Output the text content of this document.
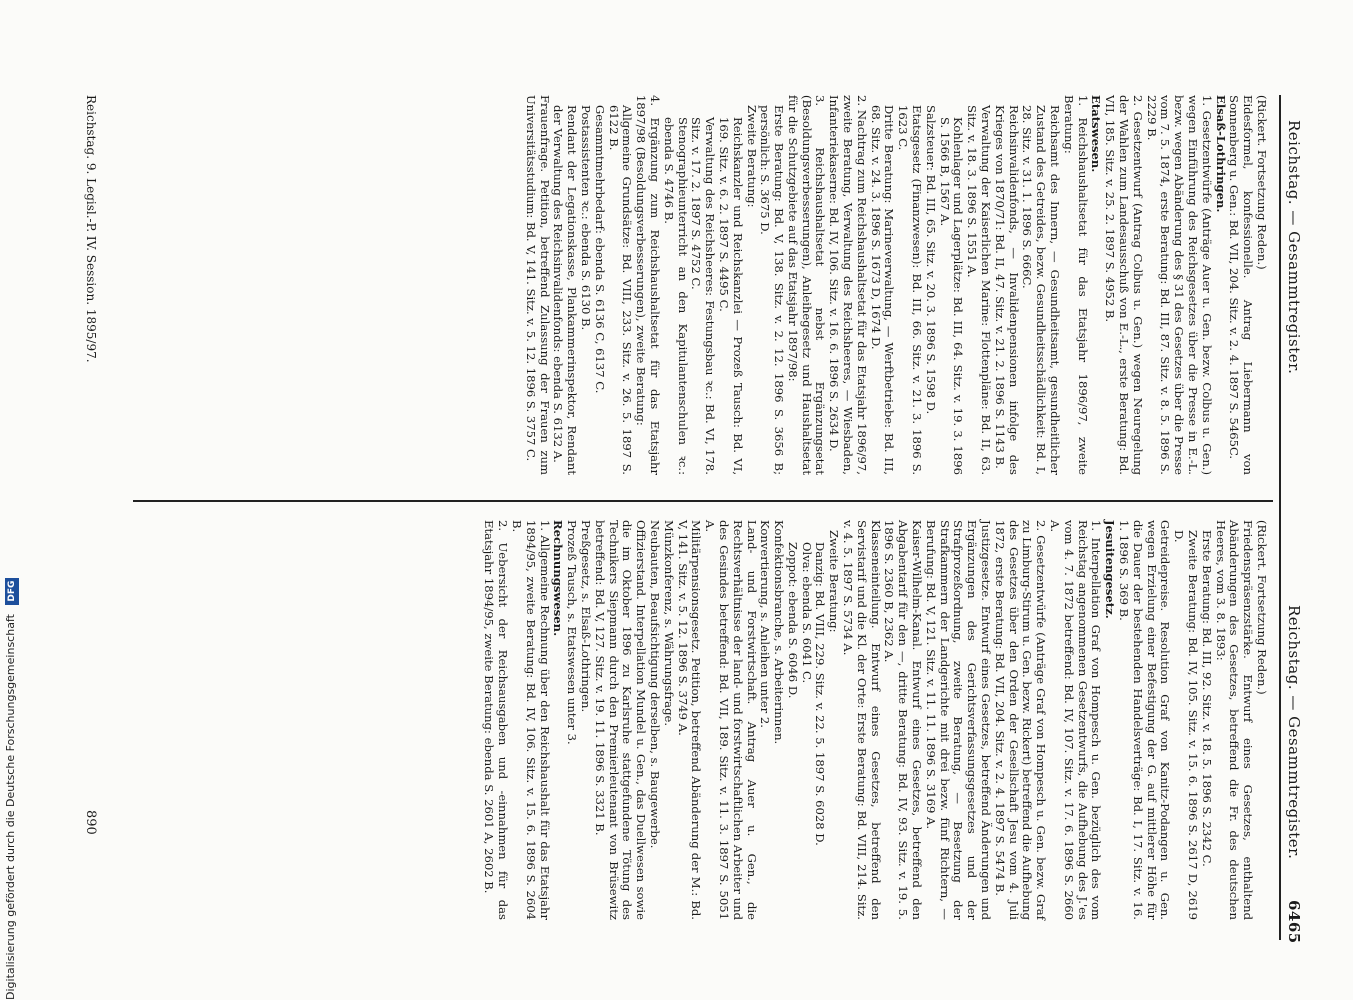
Reichstag. — Gesammtregister.
Reichstag. — Gesammtregister.
6465

(Rickert. Fortsetzung Reden.)

Eidesformel, konfessionelle. Antrag Liebermann von Sonnenberg u. Gen.: Bd. VII, 204. Sitz. v. 2. 4. 1897 S. 5465C.

Elsaß-Lothringen.

1. Gesetzentwürfe (Anträge Auer u. Gen. bezw. Colbus u. Gen.) wegen Einführung des Reichsgesetzes über die Presse in E.-L. bezw. wegen Abänderung des § 31 des Gesetzes über die Presse vom 7. 5. 1874, erste Beratung: Bd. III, 87. Sitz. v. 8. 5. 1896 S. 2229 B.

2. Gesetzentwurf (Antrag Colbus u. Gen.) wegen Neuregelung der Wahlen zum Landesausschuß von E.-L., erste Beratung: Bd. VII, 185. Sitz. v. 25. 2. 1897 S. 4952 B.

Etatswesen.

1. Reichshaushaltsetat für das Etatsjahr 1896/97, zweite Beratung:

Reichsamt des Innern, — Gesundheitsamt, gesundheitlicher Zustand des Getreides, bezw. Gesundheitsschädlichkeit: Bd. I, 28. Sitz. v. 31. 1. 1896 S. 666C.

Reichsinvalidenfonds, — Invalidenpensionen infolge des Krieges von 1870/71: Bd. II, 47. Sitz. v. 21. 2. 1896 S. 1143 B.

Verwaltung der Kaiserlichen Marine: Flottenpläne: Bd. II, 63. Sitz. v. 18. 3. 1896 S. 1551 A.

Kohlenlager und Lagerplätze: Bd. III, 64. Sitz. v. 19. 3. 1896 S. 1566 B, 1567 A.

Salzsteuer: Bd. III, 65. Sitz. v. 20. 3. 1896 S. 1598 D.

Etatsgesetz (Finanzwesen): Bd. III, 66. Sitz. v. 21. 3. 1896 S. 1623 C.

Dritte Beratung: Marineverwaltung, — Werftbetriebe: Bd. III, 68. Sitz. v. 24. 3. 1896 S. 1673 D, 1674 D.

2. Nachtrag zum Reichshaushaltsetat für das Etatsjahr 1896/97, zweite Beratung, Verwaltung des Reichsheeres, — Wiesbaden, Infanteriekaserne: Bd. IV, 106. Sitz. v. 16. 6. 1896 S. 2634 D.

3. Reichshaushaltsetat nebst Ergänzungsetat (Besoldungsverbesserungen), Anleihegesetz und Haushaltsetat für die Schutzgebiete auf das Etatsjahr 1897/98:

Erste Beratung: Bd. V, 138. Sitz. v. 2. 12. 1896 S. 3656 B; persönlich: S. 3675 D.

Zweite Beratung:

Reichskanzler und Reichskanzlei — Prozeß Tausch: Bd. VI, 169. Sitz. v. 6. 2. 1897 S. 4495 C.

Verwaltung des Reichsheeres: Festungsbau ꝛc.: Bd. VI, 178. Sitz. v. 17. 2. 1897 S. 4752 C.

Stenographieunterricht an den Kapitulantenschulen ꝛc.: ebenda S. 4746 B.

4. Ergänzung zum Reichshaushaltsetat für das Etatsjahr 1897/98 (Besoldungsverbesserungen), zweite Beratung:

Allgemeine Grundsätze: Bd. VIII, 233. Sitz. v. 26. 5. 1897 S. 6122 B.

Gesammtmehrbedarf: ebenda S. 6136 C, 6137 C.

Postassistenten ꝛc.: ebenda S. 6130 B.

Rendant der Legationskasse, Plankammerinspektor, Rendant der Verwaltung des Reichsinvalidenfonds: ebenda S. 6132 A.

Frauenfrage. Petition, betreffend Zulassung der Frauen zum Universitätsstudium: Bd. V, 141. Sitz. v. 5. 12. 1896 S. 3757 C.

(Rickert. Fortsetzung Reden.)

Friedenspräsenzstärke. Entwurf eines Gesetzes, enthaltend Abänderungen des Gesetzes, betreffend die Fr. des deutschen Heeres, vom 3. 8. 1893:

Erste Beratung: Bd. III, 92. Sitz. v. 18. 5. 1896 S. 2342 C.

Zweite Beratung: Bd. IV, 105. Sitz. v. 15. 6. 1896 S. 2617 D, 2619 D.

Getreidepreise. Resolution Graf von Kanitz-Podangen u. Gen. wegen Erzielung einer Befestigung der G. auf mittlerer Höhe für die Dauer der bestehenden Handelsverträge: Bd. I, 17. Sitz. v. 16. 1. 1896 S. 369 B.

Jesuitengesetz.

1. Interpellation Graf von Hompesch u. Gen. bezüglich des vom Reichstag angenommenen Gesetzentwurfs, die Aufhebung des J.'es vom 4. 7. 1872 betreffend: Bd. IV, 107. Sitz. v. 17. 6. 1896 S. 2660 A.

2. Gesetzentwürfe (Anträge Graf von Hompesch u. Gen. bezw. Graf zu Limburg-Stirum u. Gen. bezw. Rickert) betreffend die Aufhebung des Gesetzes über den Orden der Gesellschaft Jesu vom 4. Juli 1872, erste Beratung: Bd. VII, 204. Sitz. v. 2. 4. 1897 S. 5474 B.

Justizgesetze. Entwurf eines Gesetzes, betreffend Änderungen und Ergänzungen des Gerichtsverfassungsgesetzes und der Strafprozeßordnung, zweite Beratung, — Besetzung der Strafkammern der Landgerichte mit drei bezw. fünf Richtern, — Berufung: Bd. V, 121. Sitz. v. 11. 11. 1896 S. 3169 A.

Kaiser-Wilhelm-Kanal. Entwurf eines Gesetzes, betreffend den Abgabentarif für den —, dritte Beratung: Bd. IV, 93. Sitz. v. 19. 5. 1896 S. 2360 B, 2362 A.

Klasseneinteilung. Entwurf eines Gesetzes, betreffend den Servistarif und die Kl. der Orte: Erste Beratung: Bd. VIII, 214. Sitz. v. 4. 5. 1897 S. 5734 A.

Zweite Beratung:

Danzig: Bd. VIII, 229. Sitz. v. 22. 5. 1897 S. 6028 D.

Olva: ebenda S. 6041 C.

Zoppot: ebenda S. 6046 D.

Konfektionsbranche, s. Arbeiterinnen.

Konvertierung, s. Anleihen unter 2.

Land- und Forstwirtschaft. Antrag Auer u. Gen., die Rechtsverhältnisse der land- und forstwirtschaftlichen Arbeiter und des Gesindes betreffend: Bd. VII, 189. Sitz. v. 11. 3. 1897 S. 5051 A.

Militärpensionsgesetz. Petition, betreffend Abänderung der M.: Bd. V, 141. Sitz. v. 5. 12. 1896 S. 3749 A.

Münzkonferenz, s. Währungsfrage.

Neubauten, Beaufsichtigung derselben, s. Baugewerbe.

Offizierstand. Interpellation Mundel u. Gen., das Duellwesen sowie die im Oktober 1896 zu Karlsruhe stattgefundene Tötung des Technikers Siepmann durch den Premierleutenant von Brüsewitz betreffend: Bd. V, 127. Sitz. v. 19. 11. 1896 S. 3321 B.

Preßgesetz, s. Elsaß-Lothringen.

Prozeß Tausch, s. Etatswesen unter 3.

Rechnungswesen.

1. Allgemeine Rechnung über den Reichshaushalt für das Etatsjahr 1894/95, zweite Beratung: Bd. IV, 106. Sitz. v. 15. 6. 1896 S. 2604 B.

2. Uebersicht der Reichsausgaben und -einnahmen für das Etatsjahr 1894/95, zweite Beratung: ebenda S. 2601 A, 2602 B.

Reichstag. 9. Legisl.-P. IV. Session. 1895/97.
890
Digitalisierung gefördert durch die Deutsche Forschungsgemeinschaft DFG
